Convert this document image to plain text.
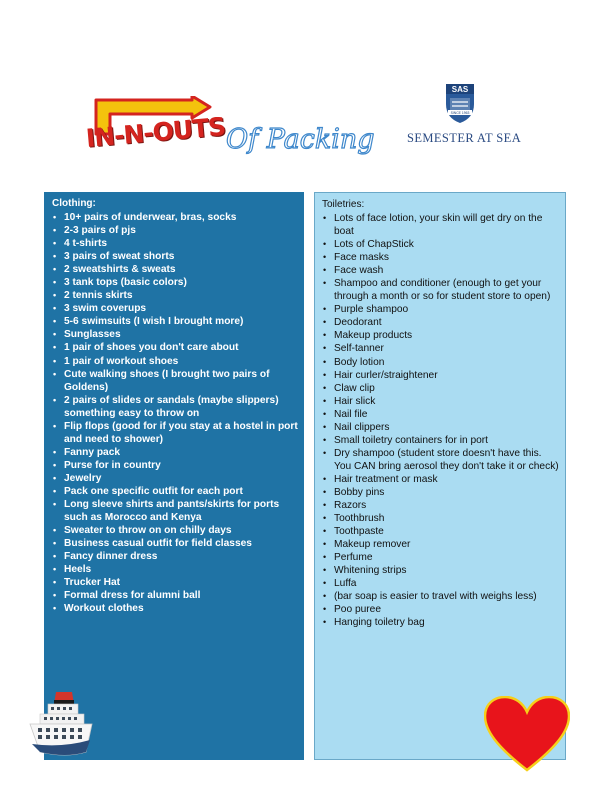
IN-N-OUTS Of Packing
SAS
SINCE 1963
SEMESTER AT SEA
Clothing:
• 10+ pairs of underwear, bras, socks
• 2-3 pairs of pjs
• 4 t-shirts
• 3 pairs of sweat shorts
• 2 sweatshirts & sweats
• 3 tank tops (basic colors)
• 2 tennis skirts
• 3 swim coverups
• 5-6 swimsuits (I wish I brought more)
• Sunglasses
• 1 pair of shoes you don't care about
• 1 pair of workout shoes
• Cute walking shoes (I brought two pairs of Goldens)
• 2 pairs of slides or sandals (maybe slippers) something easy to throw on
• Flip flops (good for if you stay at a hostel in port and need to shower)
• Fanny pack
• Purse for in country
• Jewelry
• Pack one specific outfit for each port
• Long sleeve shirts and pants/skirts for ports such as Morocco and Kenya
• Sweater to throw on on chilly days
• Business casual outfit for field classes
• Fancy dinner dress
• Heels
• Trucker Hat
• Formal dress for alumni ball
• Workout clothes
Toiletries:
• Lots of face lotion, your skin will get dry on the boat
• Lots of ChapStick
• Face masks
• Face wash
• Shampoo and conditioner (enough to get your through a month or so for student store to open)
• Purple shampoo
• Deodorant
• Makeup products
• Self-tanner
• Body lotion
• Hair curler/straightener
• Claw clip
• Hair slick
• Nail file
• Nail clippers
• Small toiletry containers for in port
• Dry shampoo (student store doesn't have this. You CAN bring aerosol they don't take it or check)
• Hair treatment or mask
• Bobby pins
• Razors
• Toothbrush
• Toothpaste
• Makeup remover
• Perfume
• Whitening strips
• Luffa
• (bar soap is easier to travel with weighs less)
• Poo puree
• Hanging toiletry bag
